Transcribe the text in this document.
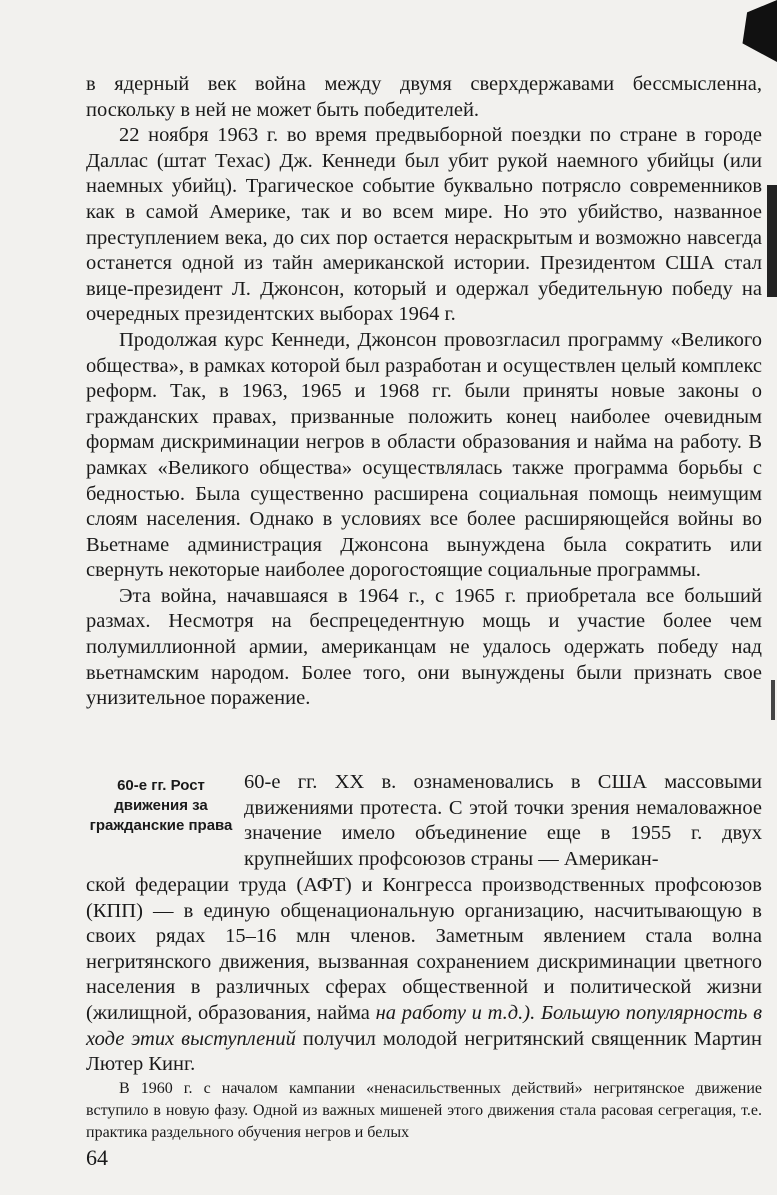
в ядерный век война между двумя сверхдержавами бессмысленна, поскольку в ней не может быть победителей.

22 ноября 1963 г. во время предвыборной поездки по стране в городе Даллас (штат Техас) Дж. Кеннеди был убит рукой наемного убийцы (или наемных убийц). Трагическое событие буквально потрясло современников как в самой Америке, так и во всем мире. Но это убийство, названное преступлением века, до сих пор остается нераскрытым и возможно навсегда останется одной из тайн американской истории. Президентом США стал вице-президент Л. Джонсон, который и одержал убедительную победу на очередных президентских выборах 1964 г.

Продолжая курс Кеннеди, Джонсон провозгласил программу «Великого общества», в рамках которой был разработан и осуществлен целый комплекс реформ. Так, в 1963, 1965 и 1968 гг. были приняты новые законы о гражданских правах, призванные положить конец наиболее очевидным формам дискриминации негров в области образования и найма на работу. В рамках «Великого общества» осуществлялась также программа борьбы с бедностью. Была существенно расширена социальная помощь неимущим слоям населения. Однако в условиях все более расширяющейся войны во Вьетнаме администрация Джонсона вынуждена была сократить или свернуть некоторые наиболее дорогостоящие социальные программы.

Эта война, начавшаяся в 1964 г., с 1965 г. приобретала все больший размах. Несмотря на беспрецедентную мощь и участие более чем полумиллионной армии, американцам не удалось одержать победу над вьетнамским народом. Более того, они вынуждены были признать свое унизительное поражение.

60-е гг. Рост движения за гражданские права
60-е гг. XX в. ознаменовались в США массовыми движениями протеста. С этой точки зрения немаловажное значение имело объединение еще в 1955 г. двух крупнейших профсоюзов страны — Американ-
ской федерации труда (АФТ) и Конгресса производственных профсоюзов (КПП) — в единую общенациональную организацию, насчитывающую в своих рядах 15–16 млн членов. Заметным явлением стала волна негритянского движения, вызванная сохранением дискриминации цветного населения в различных сферах общественной и политической жизни (жилищной, образования, найма на работу и т.д.). Большую популярность в ходе этих выступлений получил молодой негритянский священник Мартин Лютер Кинг.
В 1960 г. с началом кампании «ненасильственных действий» негритянское движение вступило в новую фазу. Одной из важных мишеней этого движения стала расовая сегрегация, т.е. практика раздельного обучения негров и белых
64
